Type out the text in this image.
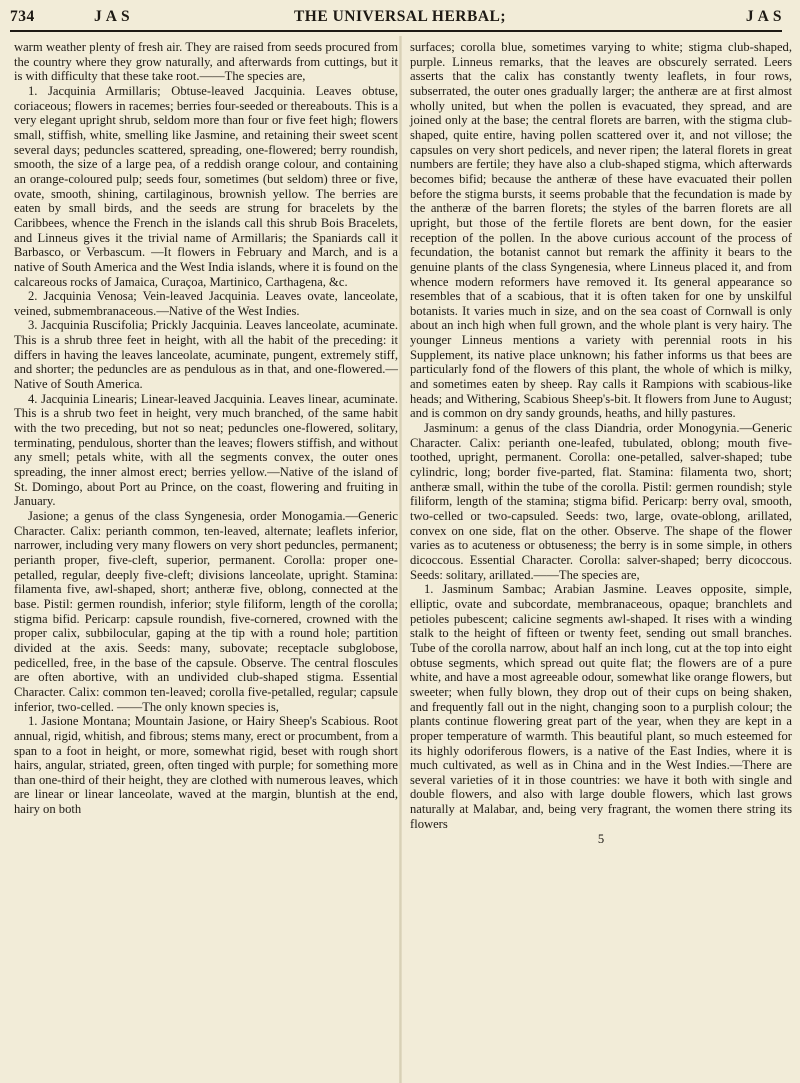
734	J A S	THE UNIVERSAL HERBAL;	J A S

warm weather plenty of fresh air. They are raised from seeds procured from the country where they grow naturally, and afterwards from cuttings, but it is with difficulty that these take root.——The species are,

1. Jacquinia Armillaris; Obtuse-leaved Jacquinia. Leaves obtuse, coriaceous; flowers in racemes; berries four-seeded or thereabouts. This is a very elegant upright shrub, seldom more than four or five feet high; flowers small, stiffish, white, smelling like Jasmine, and retaining their sweet scent several days; peduncles scattered, spreading, one-flowered; berry roundish, smooth, the size of a large pea, of a reddish orange colour, and containing an orange-coloured pulp; seeds four, sometimes (but seldom) three or five, ovate, smooth, shining, cartilaginous, brownish yellow. The berries are eaten by small birds, and the seeds are strung for bracelets by the Caribbees, whence the French in the islands call this shrub Bois Bracelets, and Linneus gives it the trivial name of Armillaris; the Spaniards call it Barbasco, or Verbascum. —It flowers in February and March, and is a native of South America and the West India islands, where it is found on the calcareous rocks of Jamaica, Curaçoa, Martinico, Carthagena, &c.

2. Jacquinia Venosa; Vein-leaved Jacquinia. Leaves ovate, lanceolate, veined, submembranaceous.—Native of the West Indies.

3. Jacquinia Ruscifolia; Prickly Jacquinia. Leaves lanceolate, acuminate. This is a shrub three feet in height, with all the habit of the preceding: it differs in having the leaves lanceolate, acuminate, pungent, extremely stiff, and shorter; the peduncles are as pendulous as in that, and one-flowered.—Native of South America.

4. Jacquinia Linearis; Linear-leaved Jacquinia. Leaves linear, acuminate. This is a shrub two feet in height, very much branched, of the same habit with the two preceding, but not so neat; peduncles one-flowered, solitary, terminating, pendulous, shorter than the leaves; flowers stiffish, and without any smell; petals white, with all the segments convex, the outer ones spreading, the inner almost erect; berries yellow.—Native of the island of St. Domingo, about Port au Prince, on the coast, flowering and fruiting in January.

Jasione; a genus of the class Syngenesia, order Monogamia.—Generic Character. Calix: perianth common, ten-leaved, alternate; leaflets inferior, narrower, including very many flowers on very short peduncles, permanent; perianth proper, five-cleft, superior, permanent. Corolla: proper one-petalled, regular, deeply five-cleft; divisions lanceolate, upright. Stamina: filamenta five, awl-shaped, short; antheræ five, oblong, connected at the base. Pistil: germen roundish, inferior; style filiform, length of the corolla; stigma bifid. Pericarp: capsule roundish, five-cornered, crowned with the proper calix, subbilocular, gaping at the tip with a round hole; partition divided at the axis. Seeds: many, subovate; receptacle subglobose, pedicelled, free, in the base of the capsule. Observe. The central floscules are often abortive, with an undivided club-shaped stigma. Essential Character. Calix: common ten-leaved; corolla five-petalled, regular; capsule inferior, two-celled. ——The only known species is,

1. Jasione Montana; Mountain Jasione, or Hairy Sheep's Scabious. Root annual, rigid, whitish, and fibrous; stems many, erect or procumbent, from a span to a foot in height, or more, somewhat rigid, beset with rough short hairs, angular, striated, green, often tinged with purple; for something more than one-third of their height, they are clothed with numerous leaves, which are linear or linear lanceolate, waved at the margin, bluntish at the end, hairy on both

surfaces; corolla blue, sometimes varying to white; stigma club-shaped, purple. Linneus remarks, that the leaves are obscurely serrated. Leers asserts that the calix has constantly twenty leaflets, in four rows, subserrated, the outer ones gradually larger; the antheræ are at first almost wholly united, but when the pollen is evacuated, they spread, and are joined only at the base; the central florets are barren, with the stigma club-shaped, quite entire, having pollen scattered over it, and not villose; the capsules on very short pedicels, and never ripen; the lateral florets in great numbers are fertile; they have also a club-shaped stigma, which afterwards becomes bifid; because the antheræ of these have evacuated their pollen before the stigma bursts, it seems probable that the fecundation is made by the antheræ of the barren florets; the styles of the barren florets are all upright, but those of the fertile florets are bent down, for the easier reception of the pollen. In the above curious account of the process of fecundation, the botanist cannot but remark the affinity it bears to the genuine plants of the class Syngenesia, where Linneus placed it, and from whence modern reformers have removed it. Its general appearance so resembles that of a scabious, that it is often taken for one by unskilful botanists. It varies much in size, and on the sea coast of Cornwall is only about an inch high when full grown, and the whole plant is very hairy. The younger Linneus mentions a variety with perennial roots in his Supplement, its native place unknown; his father informs us that bees are particularly fond of the flowers of this plant, the whole of which is milky, and sometimes eaten by sheep. Ray calls it Rampions with scabious-like heads; and Withering, Scabious Sheep's-bit. It flowers from June to August; and is common on dry sandy grounds, heaths, and hilly pastures.

Jasminum: a genus of the class Diandria, order Monogynia.—Generic Character. Calix: perianth one-leafed, tubulated, oblong; mouth five-toothed, upright, permanent. Corolla: one-petalled, salver-shaped; tube cylindric, long; border five-parted, flat. Stamina: filamenta two, short; antheræ small, within the tube of the corolla. Pistil: germen roundish; style filiform, length of the stamina; stigma bifid. Pericarp: berry oval, smooth, two-celled or two-capsuled. Seeds: two, large, ovate-oblong, arillated, convex on one side, flat on the other. Observe. The shape of the flower varies as to acuteness or obtuseness; the berry is in some simple, in others dicoccous. Essential Character. Corolla: salver-shaped; berry dicoccous. Seeds: solitary, arillated.——The species are,

1. Jasminum Sambac; Arabian Jasmine. Leaves opposite, simple, elliptic, ovate and subcordate, membranaceous, opaque; branchlets and petioles pubescent; calicine segments awl-shaped. It rises with a winding stalk to the height of fifteen or twenty feet, sending out small branches. Tube of the corolla narrow, about half an inch long, cut at the top into eight obtuse segments, which spread out quite flat; the flowers are of a pure white, and have a most agreeable odour, somewhat like orange flowers, but sweeter; when fully blown, they drop out of their cups on being shaken, and frequently fall out in the night, changing soon to a purplish colour; the plants continue flowering great part of the year, when they are kept in a proper temperature of warmth. This beautiful plant, so much esteemed for its highly odoriferous flowers, is a native of the East Indies, where it is much cultivated, as well as in China and in the West Indies.—There are several varieties of it in those countries: we have it both with single and double flowers, and also with large double flowers, which last grows naturally at Malabar, and, being very fragrant, the women there string its flowers

5
